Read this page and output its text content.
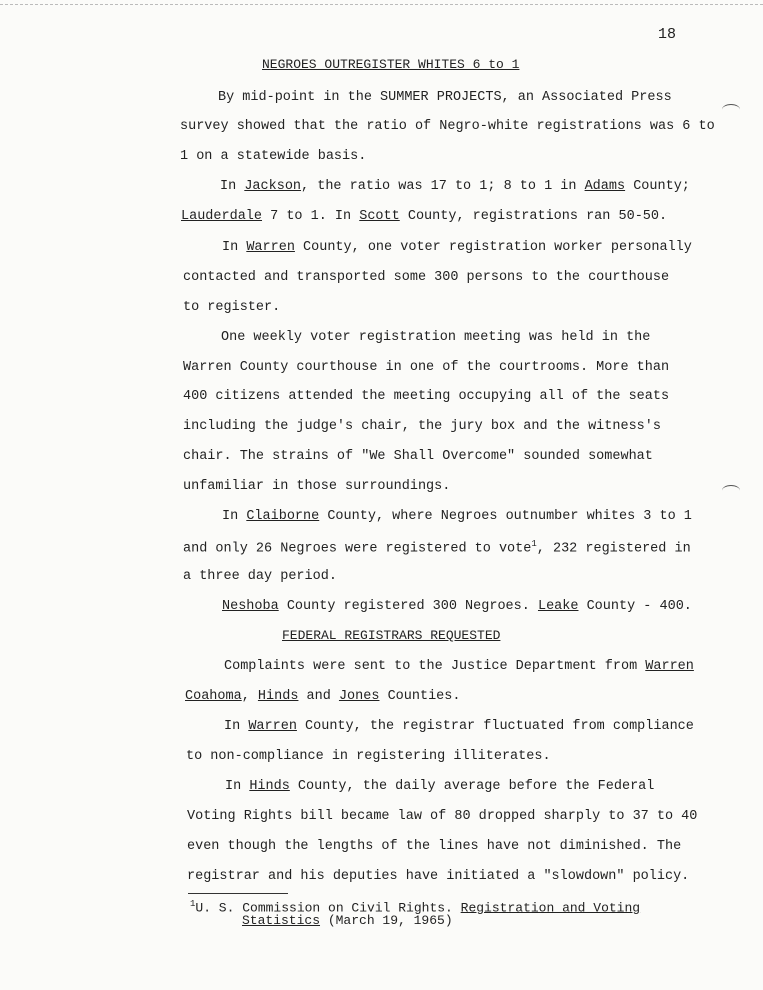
18
NEGROES OUTREGISTER WHITES 6 to 1
By mid-point in the SUMMER PROJECTS, an Associated Press
survey showed that the ratio of Negro-white registrations was 6 to
1 on a statewide basis.
In Jackson, the ratio was 17 to 1; 8 to 1 in Adams County;
Lauderdale 7 to 1. In Scott County, registrations ran 50-50.
In Warren County, one voter registration worker personally
contacted and transported some 300 persons to the courthouse
to register.
One weekly voter registration meeting was held in the
Warren County courthouse in one of the courtrooms. More than
400 citizens attended the meeting occupying all of the seats
including the judge's chair, the jury box and the witness's
chair. The strains of "We Shall Overcome" sounded somewhat
unfamiliar in those surroundings.
In Claiborne County, where Negroes outnumber whites 3 to 1
and only 26 Negroes were registered to vote$^1$, 232 registered in
a three day period.
Neshoba County registered 300 Negroes. Leake County - 400.
FEDERAL REGISTRARS REQUESTED
Complaints were sent to the Justice Department from Warren
Coahoma, Hinds and Jones Counties.
In Warren County, the registrar fluctuated from compliance
to non-compliance in registering illiterates.
In Hinds County, the daily average before the Federal
Voting Rights bill became law of 80 dropped sharply to 37 to 40
even though the lengths of the lines have not diminished. The
registrar and his deputies have initiated a "slowdown" policy.
$^1$U. S. Commission on Civil Rights. Registration and Voting
Statistics (March 19, 1965)
